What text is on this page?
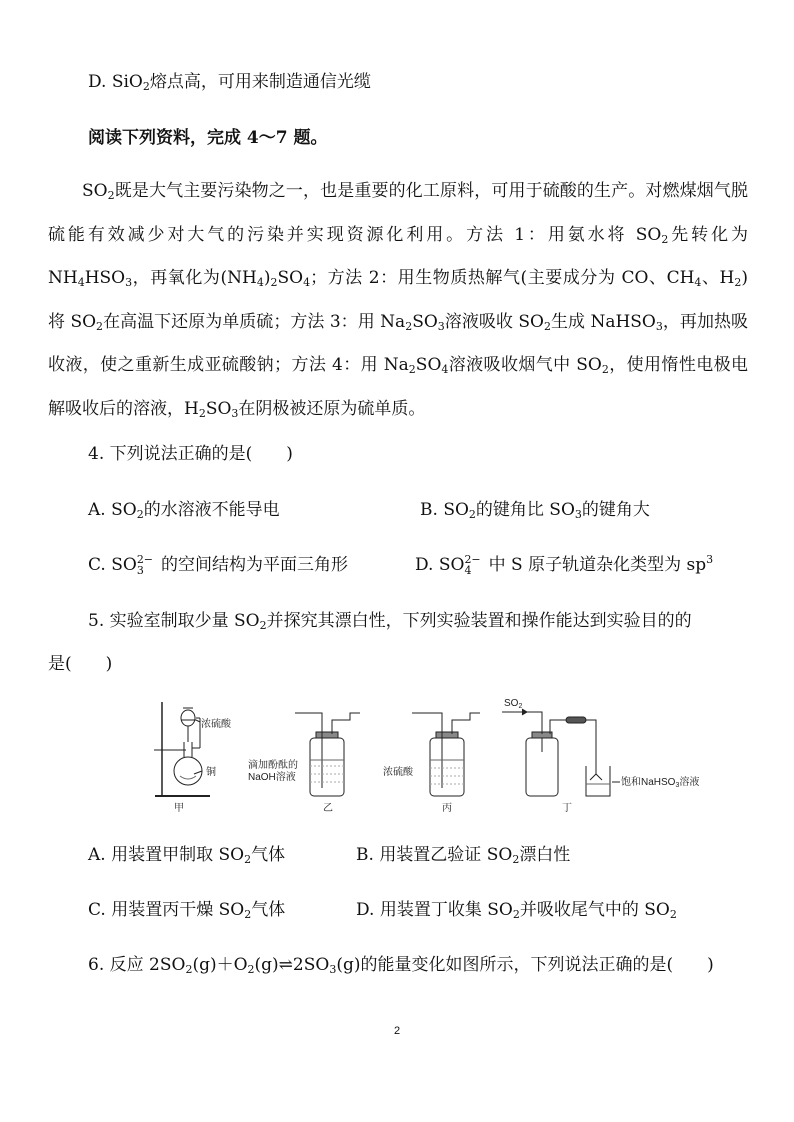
D. SiO$_2$熔点高，可用来制造通信光缆
阅读下列资料，完成 4～7 题。
$SO_2$既是大气主要污染物之一，也是重要的化工原料，可用于硫酸的生产。对燃煤烟气脱硫能有效减少对大气的污染并实现资源化利用。方法 1：用氨水将 $SO_2$先转化为 $NH_4HSO_3$，再氧化为$(NH_4)_2SO_4$；方法 2：用生物质热解气(主要成分为 CO、$CH_4$、$H_2$)将 $SO_2$在高温下还原为单质硫；方法 3：用 $Na_2SO_3$溶液吸收 $SO_2$生成 NaHSO$_3$，再加热吸收液，使之重新生成亚硫酸钠；方法 4：用 $Na_2SO_4$溶液吸收烟气中 $SO_2$，使用惰性电极电解吸收后的溶液，$H_2SO_3$在阴极被还原为硫单质。
4. 下列说法正确的是(　　)
A. $SO_2$的水溶液不能导电	B. $SO_2$的键角比 $SO_3$的键角大
C. SO 2−
3 的空间结构为平面三角形	D. SO 2−
4 中 S 原子轨道杂化类型为 $sp^3$
5. 实验室制取少量 $SO_2$并探究其漂白性，下列实验装置和操作能达到实验目的的
是(　　)
浓硫酸
铜
甲
滴加酚酞的
NaOH溶液
乙
浓硫酸
丙
$SO_2$
饱和NaHSO$_3$溶液
丁
A. 用装置甲制取 $SO_2$气体	B. 用装置乙验证 $SO_2$漂白性
C. 用装置丙干燥 $SO_2$气体	D. 用装置丁收集 $SO_2$并吸收尾气中的 $SO_2$
6. 反应 $2SO_2(g)+O_2(g)\rightleftharpoons 2SO_3(g)$的能量变化如图所示，下列说法正确的是(　　)
2
